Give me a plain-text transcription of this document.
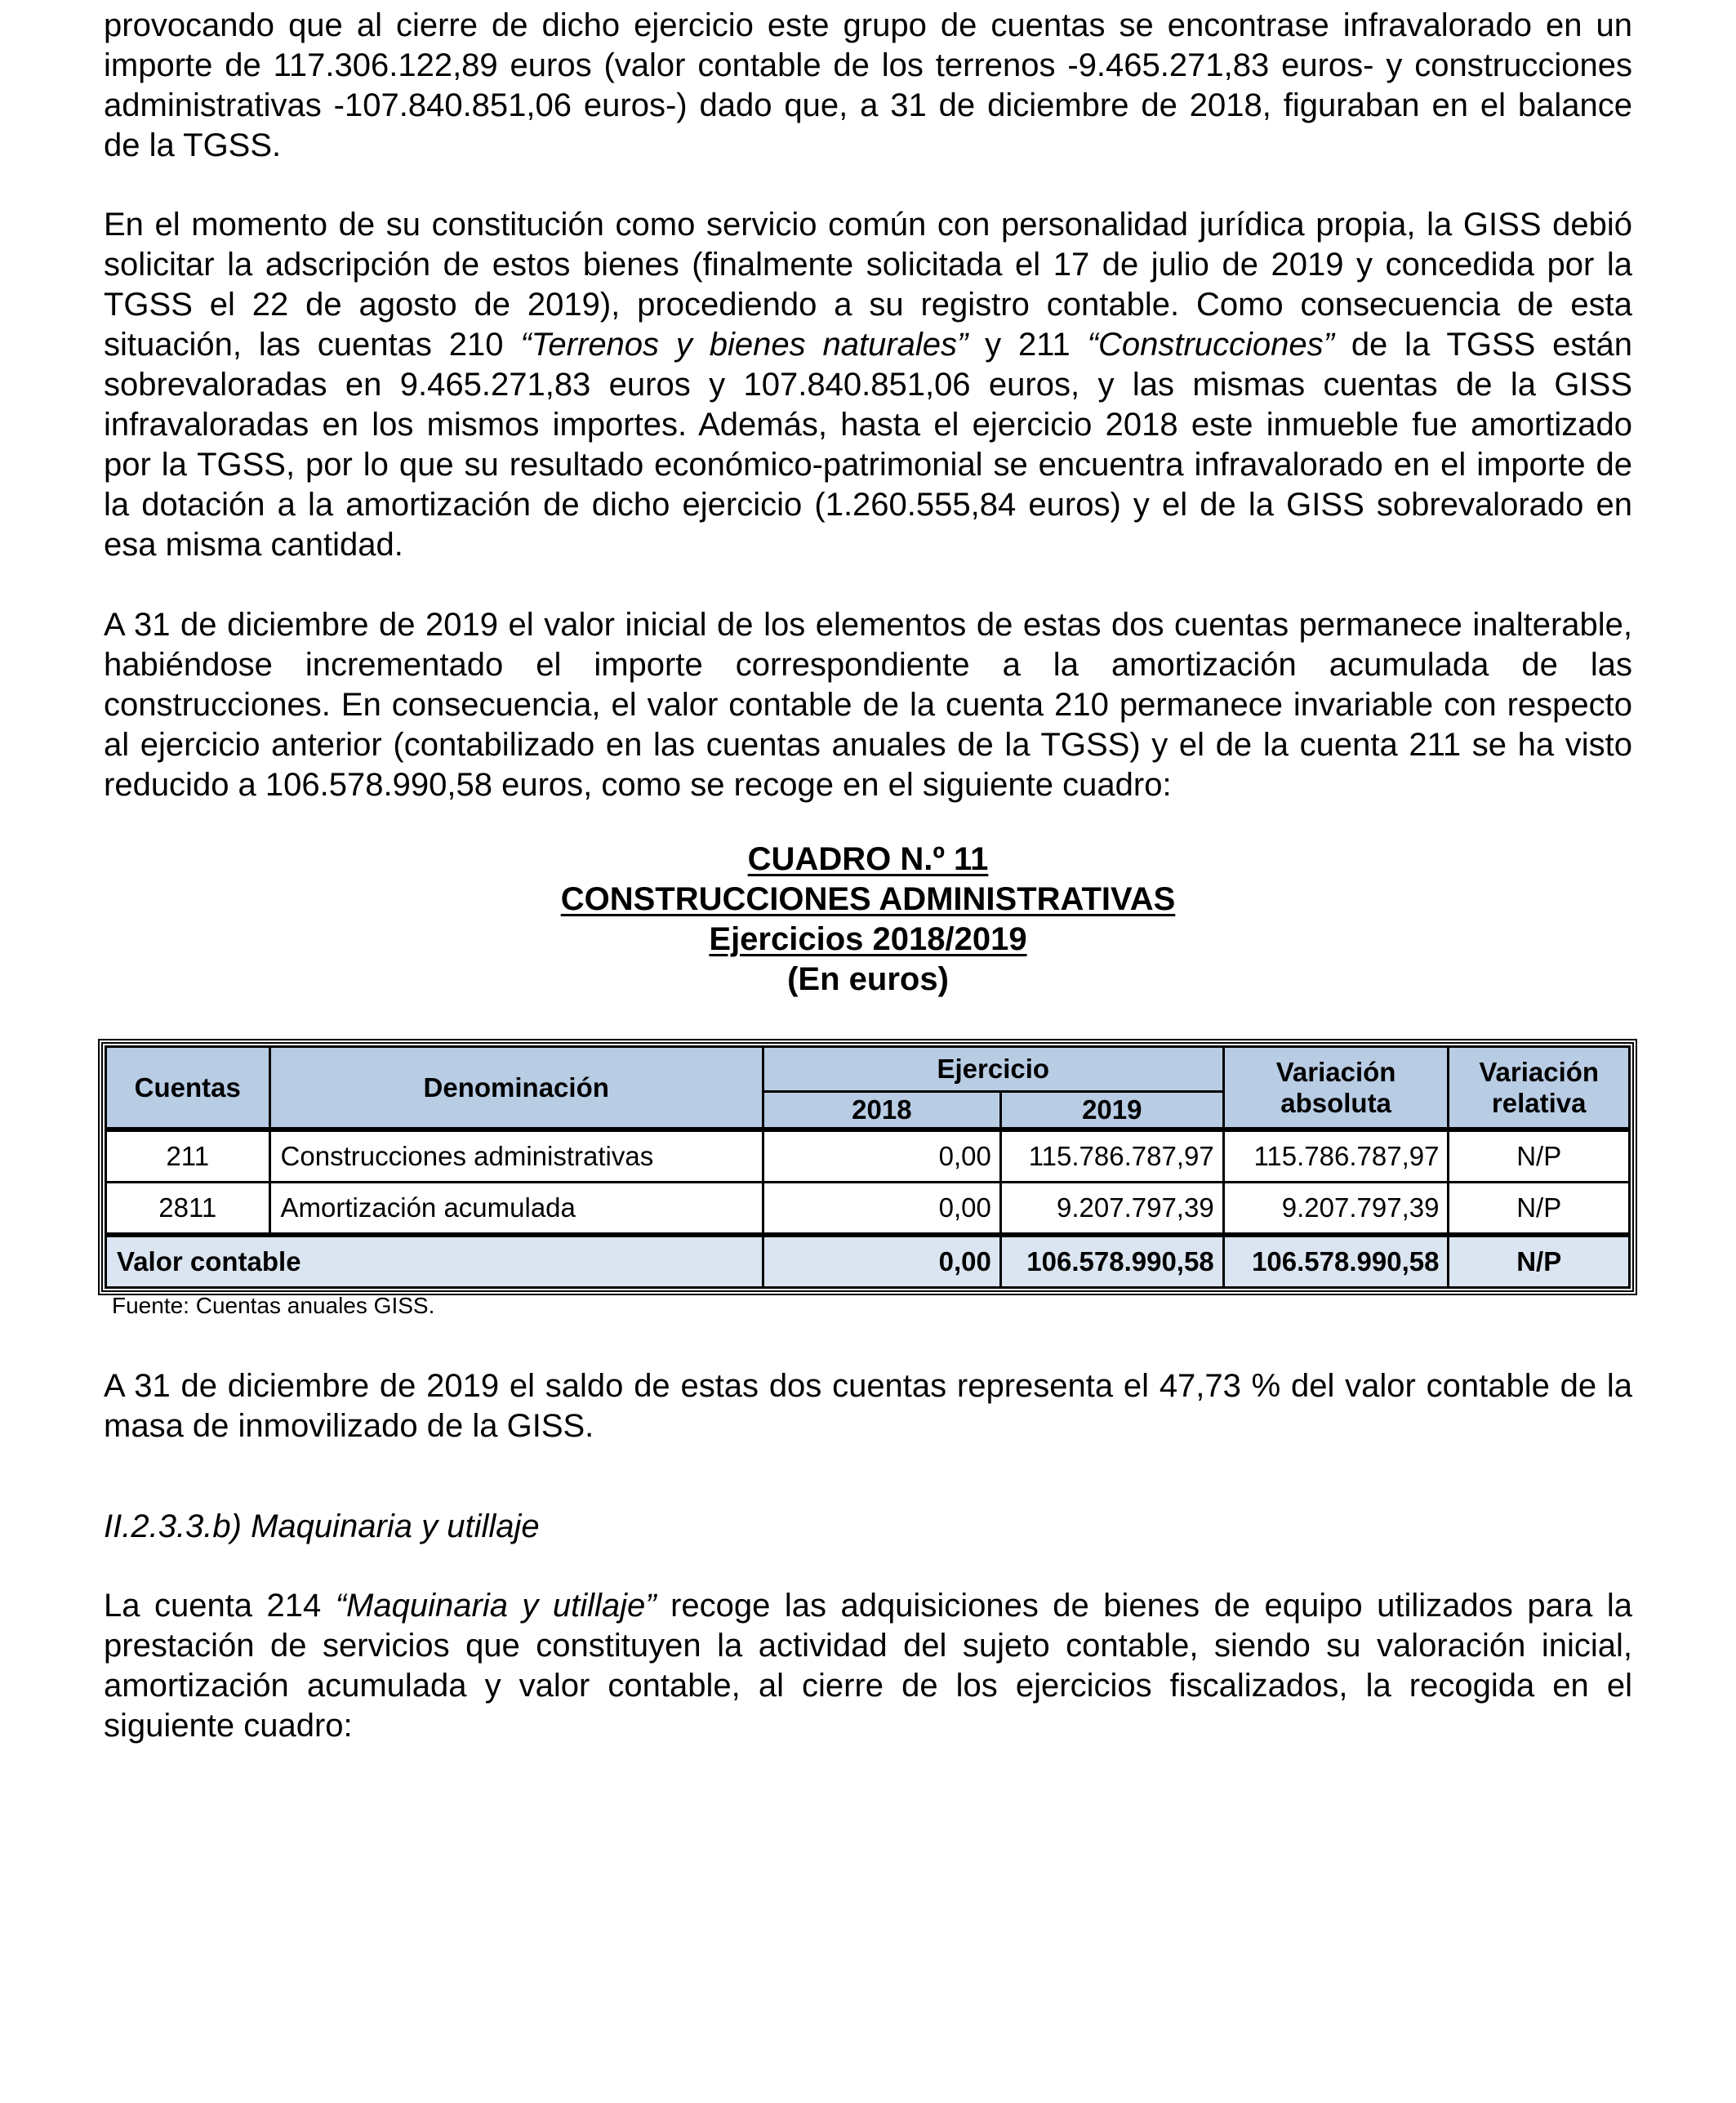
provocando que al cierre de dicho ejercicio este grupo de cuentas se encontrase infravalorado en un importe de 117.306.122,89 euros (valor contable de los terrenos -9.465.271,83 euros- y construcciones administrativas -107.840.851,06 euros-) dado que, a 31 de diciembre de 2018, figuraban en el balance de la TGSS.

En el momento de su constitución como servicio común con personalidad jurídica propia, la GISS debió solicitar la adscripción de estos bienes (finalmente solicitada el 17 de julio de 2019 y concedida por la TGSS el 22 de agosto de 2019), procediendo a su registro contable. Como consecuencia de esta situación, las cuentas 210 “Terrenos y bienes naturales” y 211 “Construcciones” de la TGSS están sobrevaloradas en 9.465.271,83 euros y 107.840.851,06 euros, y las mismas cuentas de la GISS infravaloradas en los mismos importes. Además, hasta el ejercicio 2018 este inmueble fue amortizado por la TGSS, por lo que su resultado económico-patrimonial se encuentra infravalorado en el importe de la dotación a la amortización de dicho ejercicio (1.260.555,84 euros) y el de la GISS sobrevalorado en esa misma cantidad.

A 31 de diciembre de 2019 el valor inicial de los elementos de estas dos cuentas permanece inalterable, habiéndose incrementado el importe correspondiente a la amortización acumulada de las construcciones. En consecuencia, el valor contable de la cuenta 210 permanece invariable con respecto al ejercicio anterior (contabilizado en las cuentas anuales de la TGSS) y el de la cuenta 211 se ha visto reducido a 106.578.990,58 euros, como se recoge en el siguiente cuadro:

CUADRO N.º 11
CONSTRUCCIONES ADMINISTRATIVAS
Ejercicios 2018/2019
(En euros)
Cuentas	Denominación	Ejercicio		Variación absoluta	Variación relativa
		2018	2019		
211	Construcciones administrativas	0,00	115.786.787,97	115.786.787,97	N/P
2811	Amortización acumulada	0,00	9.207.797,39	9.207.797,39	N/P
Valor contable		0,00	106.578.990,58	106.578.990,58	N/P
Fuente: Cuentas anuales GISS.

A 31 de diciembre de 2019 el saldo de estas dos cuentas representa el 47,73 % del valor contable de la masa de inmovilizado de la GISS.

II.2.3.3.b) Maquinaria y utillaje

La cuenta 214 “Maquinaria y utillaje” recoge las adquisiciones de bienes de equipo utilizados para la prestación de servicios que constituyen la actividad del sujeto contable, siendo su valoración inicial, amortización acumulada y valor contable, al cierre de los ejercicios fiscalizados, la recogida en el siguiente cuadro:
